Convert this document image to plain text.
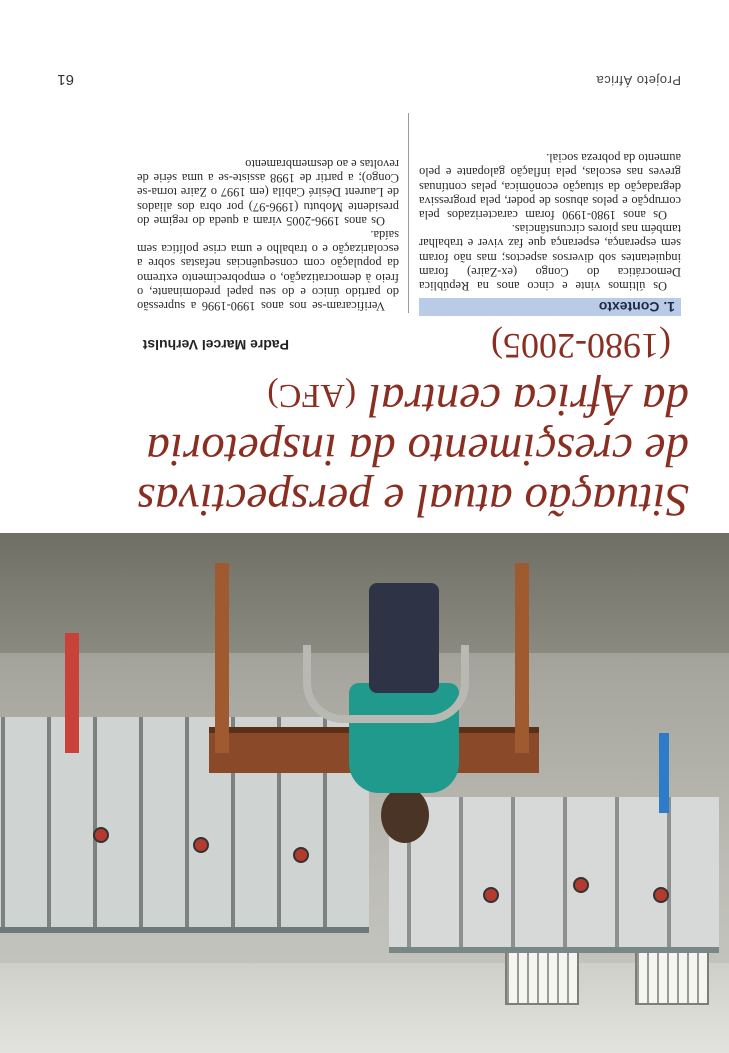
Situação atual e perspectivas
de cresçimento da inspetoria
da África central (AFC)
(1980-2005)
Padre Marcel Verhulst
1. Contexto

Os últimos vinte e cinco anos na República Democrática do Congo (ex-Zaire) foram inquietantes sob diversos aspectos; mas não foram sem esperança, esperança que faz viver e trabalhar também nas piores circunstâncias.

Os anos 1980-1990 foram caracterizados pela corrupção e pelos abusos de poder, pela progressiva degradação da situação econômica, pelas contínuas greves nas escolas, pela inflação galopante e pelo aumento da pobreza social.

Verificaram-se nos anos 1990-1996 a supressão do partido único e do seu papel predominante, o freio à democratização, o empobrecimento extremo da população com consequências nefastas sobre a escolarização e o trabalho e uma crise política sem saída.

Os anos 1996-2005 viram a queda do regime do presidente Mobutu (1996-97) por obra dos aliados de Laurent Désiré Cabila (em 1997 o Zaire torna-se Congo); a partir de 1998 assiste-se a uma série de revoltas e ao desmembramento

Projeto África
61
